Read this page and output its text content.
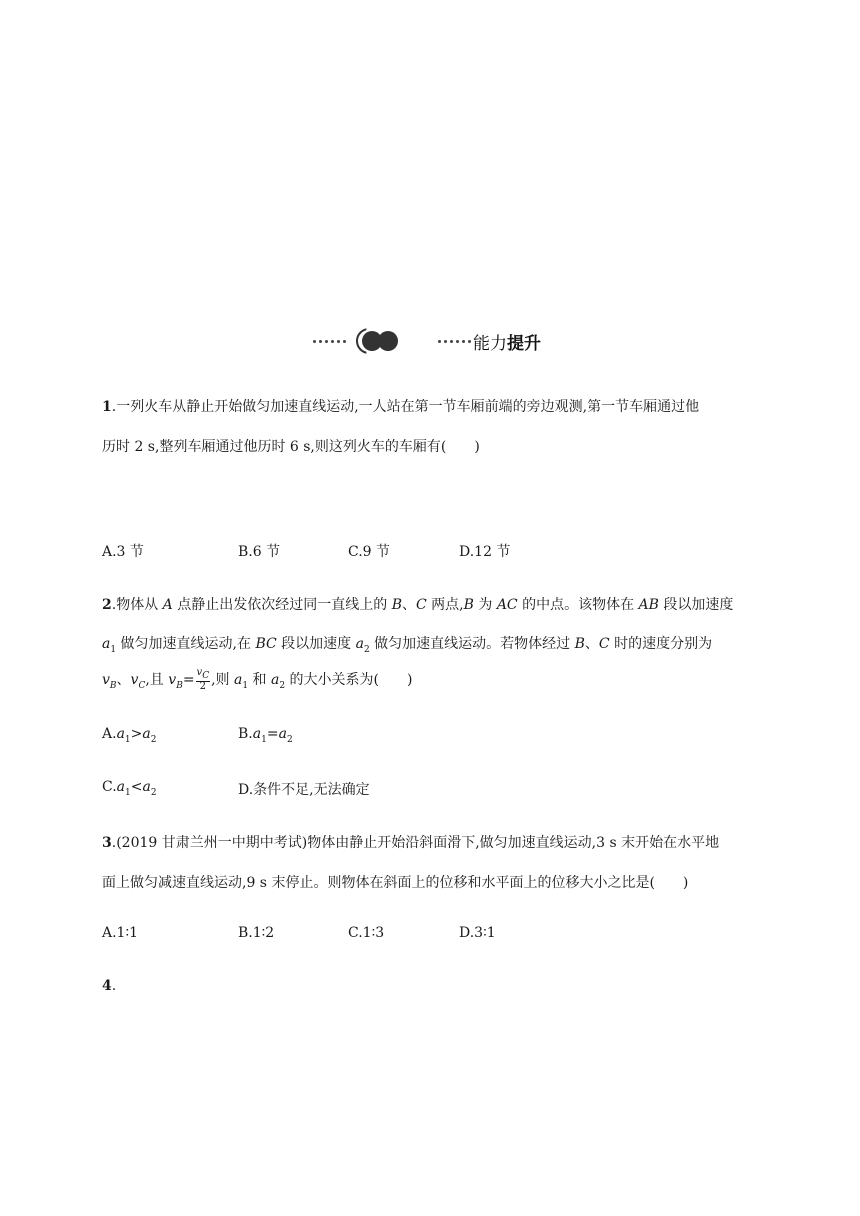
能力提升
1.一列火车从静止开始做匀加速直线运动,一人站在第一节车厢前端的旁边观测,第一节车厢通过他
历时 2 s,整列车厢通过他历时 6 s,则这列火车的车厢有(　　)
A.3 节	B.6 节	C.9 节	D.12 节
2.物体从 A 点静止出发依次经过同一直线上的 B、C 两点,B 为 AC 的中点。该物体在 AB 段以加速度
$a_1$ 做匀加速直线运动,在 BC 段以加速度 $a_2$ 做匀加速直线运动。若物体经过 B、C 时的速度分别为
$v_B$、$v_C$,且 $v_B= \frac{v_C}{2}$ ,则 $a_1$ 和 $a_2$ 的大小关系为(　　)
$A.a_1>a_2$	$B.a_1=a_2$
$C.a_1<a_2$	D.条件不足,无法确定
3.(2019 甘肃兰州一中期中考试)物体由静止开始沿斜面滑下,做匀加速直线运动,3 s 末开始在水平地
面上做匀减速直线运动,9 s 末停止。则物体在斜面上的位移和水平面上的位移大小之比是(　　)
A.1∶1	B.1∶2	C.1∶3	D.3∶1
4.
